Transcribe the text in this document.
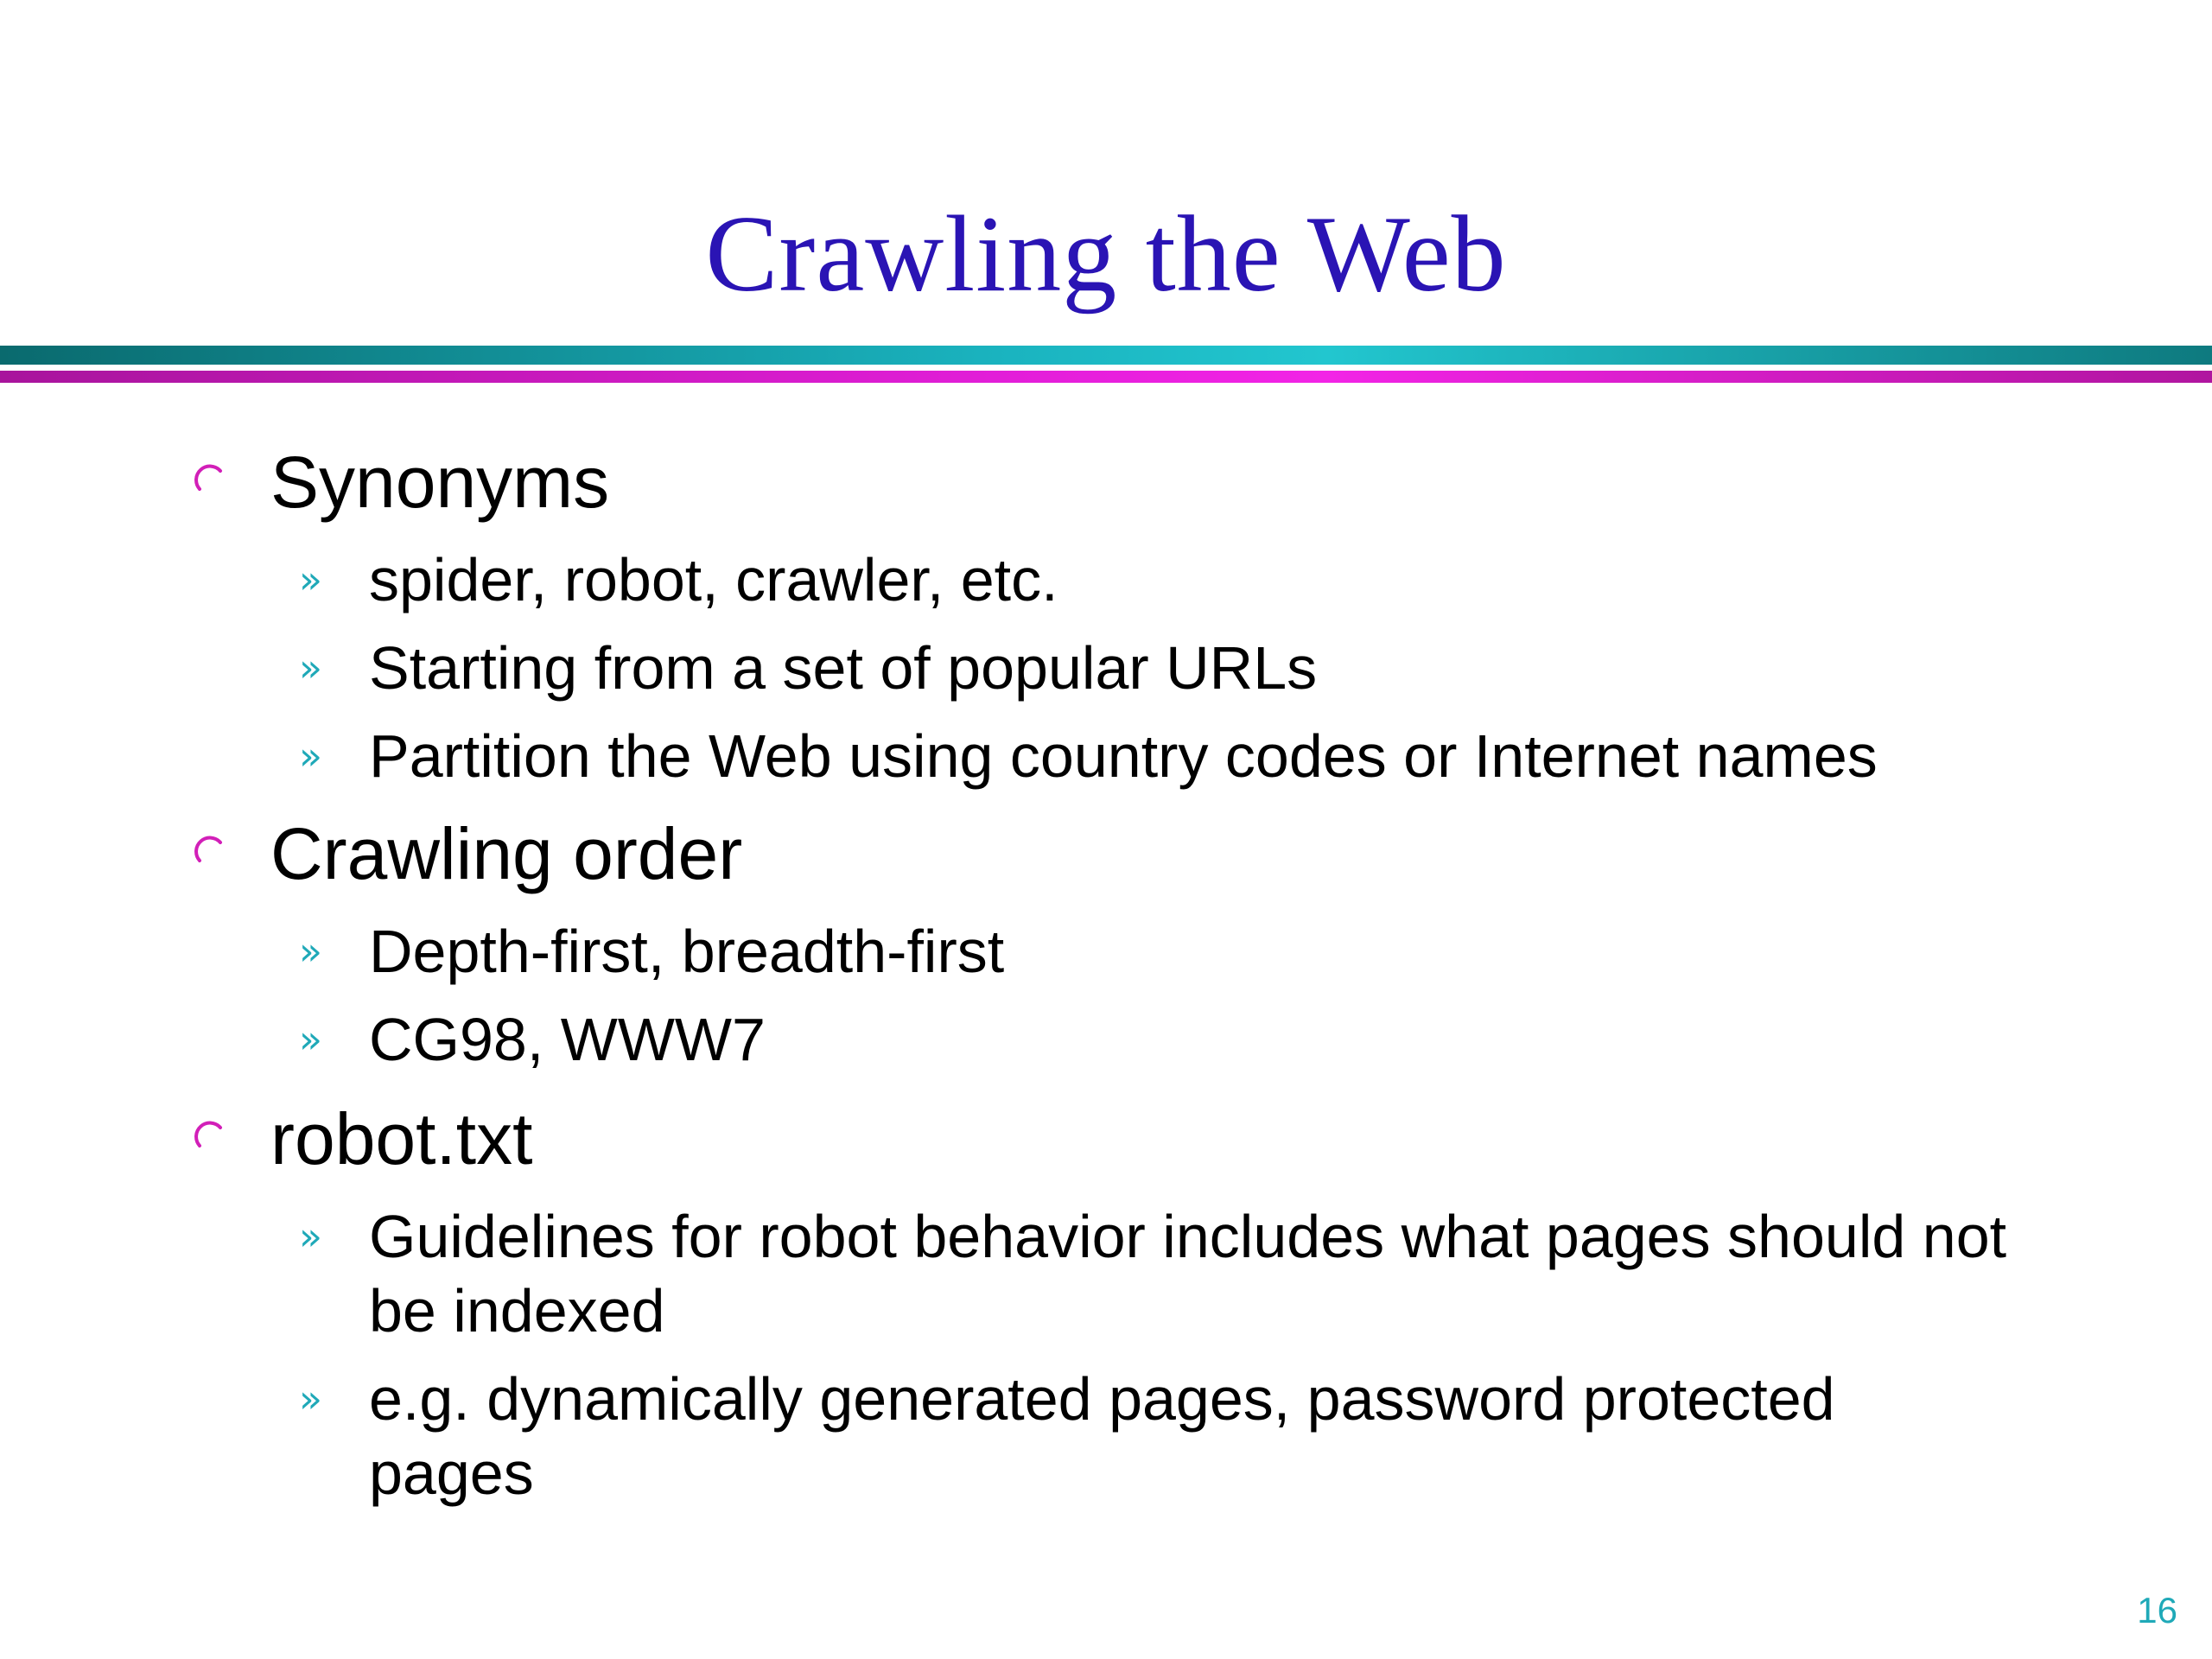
Crawling the Web
Synonyms
» spider, robot, crawler, etc.
» Starting from a set of popular URLs
» Partition the Web using country codes or Internet names
Crawling order
» Depth-first, breadth-first
» CG98, WWW7
robot.txt
» Guidelines for robot behavior includes what pages should not be indexed
» e.g. dynamically generated pages, password protected pages
16
